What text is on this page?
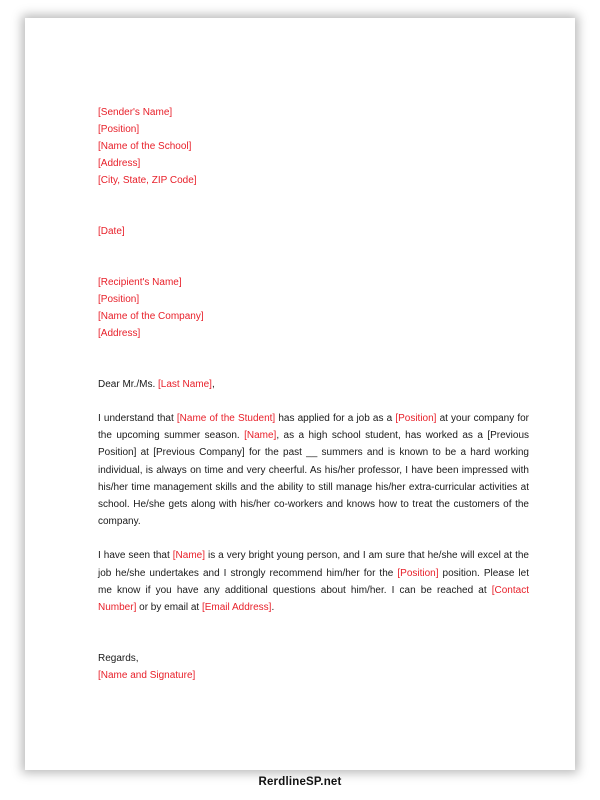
[Sender's Name]
[Position]
[Name of the School]
[Address]
[City, State, ZIP Code]
[Date]
[Recipient's Name]
[Position]
[Name of the Company]
[Address]
Dear Mr./Ms. [Last Name],

I understand that [Name of the Student] has applied for a job as a [Position] at your company for the upcoming summer season. [Name], as a high school student, has worked as a [Previous Position] at [Previous Company] for the past __ summers and is known to be a hard working individual, is always on time and very cheerful. As his/her professor, I have been impressed with his/her time management skills and the ability to still manage his/her extra-curricular activities at school. He/she gets along with his/her co-workers and knows how to treat the customers of the company.

I have seen that [Name] is a very bright young person, and I am sure that he/she will excel at the job he/she undertakes and I strongly recommend him/her for the [Position] position. Please let me know if you have any additional questions about him/her. I can be reached at [Contact Number] or by email at [Email Address].

Regards,
[Name and Signature]
RerdlineSP.net
